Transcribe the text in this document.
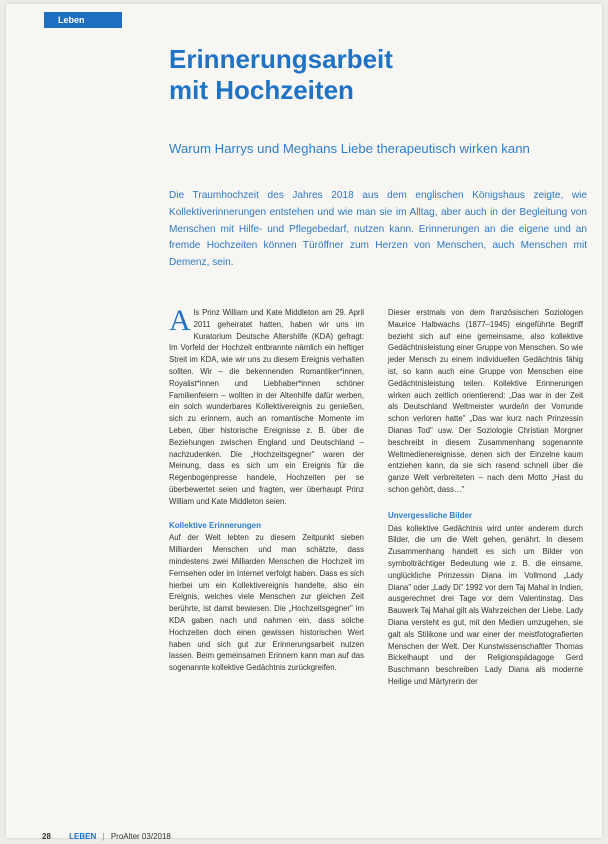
Leben
Erinnerungsarbeit
mit Hochzeiten
Warum Harrys und Meghans Liebe therapeutisch wirken kann
Die Traumhochzeit des Jahres 2018 aus dem englischen Königshaus zeigte, wie Kollektiverinnerungen entstehen und wie man sie im Alltag, aber auch in der Begleitung von Menschen mit Hilfe- und Pflegebedarf, nutzen kann. Erinnerungen an die eigene und an fremde Hochzeiten können Türöffner zum Herzen von Menschen, auch Menschen mit Demenz, sein.

Als Prinz William und Kate Middleton am 29. April 2011 geheiratet hatten, haben wir uns im Kuratorium Deutsche Altershilfe (KDA) gefragt: Im Vorfeld der Hochzeit entbrannte nämlich ein heftiger Streit im KDA, wie wir uns zu diesem Ereignis verhalten sollten. Wir – die bekennenden Romantiker*innen, Royalist*innen und Liebhaber*innen schöner Familienfeiern – wollten in der Altenhilfe dafür werben, ein solch wunderbares Kollektivereignis zu genießen, sich zu erinnern, auch an romantische Momente im Leben, über historische Ereignisse z. B. über die Beziehungen zwischen England und Deutschland – nachzudenken. Die „Hochzeitsgegner" waren der Meinung, dass es sich um ein Ereignis für die Regenbogenpresse handele, Hochzeiten per se überbewertet seien und fragten, wer überhaupt Prinz William und Kate Middleton seien.

Kollektive Erinnerungen

Auf der Welt lebten zu diesem Zeitpunkt sieben Milliarden Menschen und man schätzte, dass mindestens zwei Milliarden Menschen die Hochzeit im Fernsehen oder im Internet verfolgt haben. Dass es sich hierbei um ein Kollektivereignis handelte, also ein Ereignis, welches viele Menschen zur gleichen Zeit berührte, ist damit bewiesen. Die „Hochzeitsgegner" im KDA gaben nach und nahmen ein, dass solche Hochzeiten doch einen gewissen historischen Wert haben und sich gut zur Erinnerungsarbeit nutzen lassen. Beim gemeinsamen Erinnern kann man auf das sogenannte kollektive Gedächtnis zurückgreifen.

Dieser erstmals von dem französischen Soziologen Maurice Halbwachs (1877–1945) eingeführte Begriff bezieht sich auf eine gemeinsame, also kollektive Gedächtnisleistung einer Gruppe von Menschen. So wie jeder Mensch zu einem individuellen Gedächtnis fähig ist, so kann auch eine Gruppe von Menschen eine Gedächtnisleistung teilen. Kollektive Erinnerungen wirken auch zeitlich orientierend: „Das war in der Zeit als Deutschland Weltmeister wurde/in der Vorrunde schon verloren hatte" „Das war kurz nach Prinzessin Dianas Tod" usw. Der Soziologie Christian Morgner beschreibt in diesem Zusammenhang sogenannte Weltmedienereignisse, denen sich der Einzelne kaum entziehen kann, da sie sich rasend schnell über die ganze Welt verbreiteten – nach dem Motto „Hast du schon gehört, dass…"

Unvergessliche Bilder

Das kollektive Gedächtnis wird unter anderem durch Bilder, die um die Welt gehen, genährt. In diesem Zusammenhang handelt es sich um Bilder von symbolträchtiger Bedeutung wie z. B. die einsame, unglückliche Prinzessin Diana im Vollmond „Lady Diana" oder „Lady Di" 1992 vor dem Taj Mahal in Indien, ausgerechnet drei Tage vor dem Valentinstag. Das Bauwerk Taj Mahal gilt als Wahrzeichen der Liebe. Lady Diana versteht es gut, mit den Medien umzugehen, sie galt als Stilikone und war einer der meistfotografierten Menschen der Welt. Der Kunstwissenschaftler Thomas Bickelhaupt und der Religionspädagoge Gerd Buschmann beschreiben Lady Diana als moderne Heilige und Märtyrerin der

28 LEBEN | ProAlter 03/2018
